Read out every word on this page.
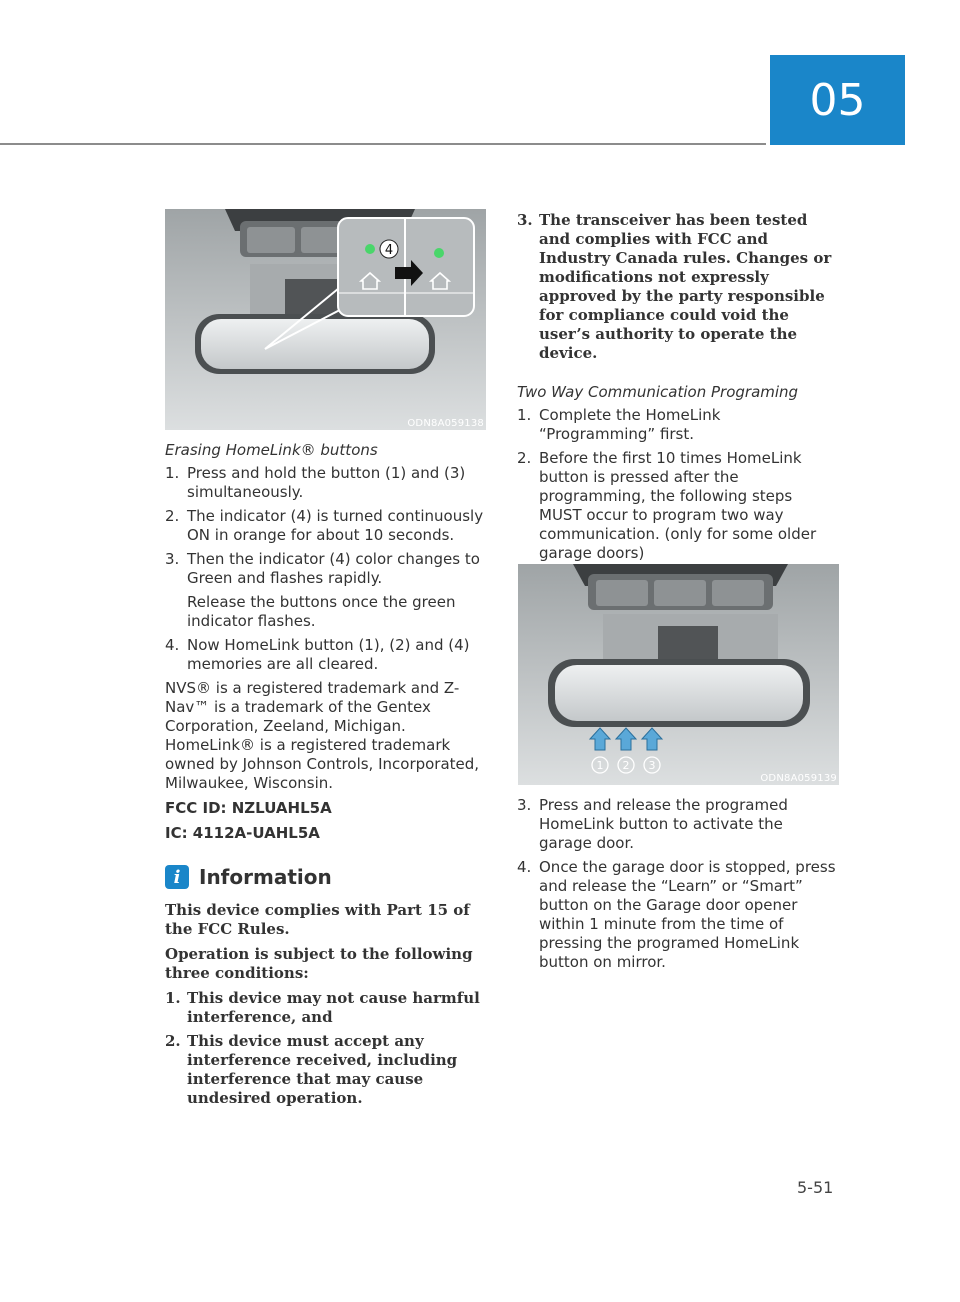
05
4
ODN8A059138
Erasing HomeLink® buttons
1. Press and hold the button (1) and (3) simultaneously.
2. The indicator (4) is turned continuously ON in orange for about 10 seconds.
3. Then the indicator (4) color changes to Green and flashes rapidly.
Release the buttons once the green indicator flashes.
4. Now HomeLink button (1), (2) and (4) memories are all cleared.
NVS® is a registered trademark and Z-Nav™ is a trademark of the Gentex Corporation, Zeeland, Michigan. HomeLink® is a registered trademark owned by Johnson Controls, Incorporated, Milwaukee, Wisconsin.
FCC ID: NZLUAHL5A
IC: 4112A-UAHL5A
i Information
This device complies with Part 15 of the FCC Rules.
Operation is subject to the following three conditions:
1. This device may not cause harmful interference, and
2. This device must accept any interference received, including interference that may cause undesired operation.
3. The transceiver has been tested and complies with FCC and Industry Canada rules. Changes or modifications not expressly approved by the party responsible for compliance could void the user’s authority to operate the device.
Two Way Communication Programing
1. Complete the HomeLink “Programming” first.
2. Before the first 10 times HomeLink button is pressed after the programming, the following steps MUST occur to program two way communication. (only for some older garage doors)
1 2 3
ODN8A059139
3. Press and release the programed HomeLink button to activate the garage door.
4. Once the garage door is stopped, press and release the “Learn” or “Smart” button on the Garage door opener within 1 minute from the time of pressing the programed HomeLink button on mirror.
5-51
